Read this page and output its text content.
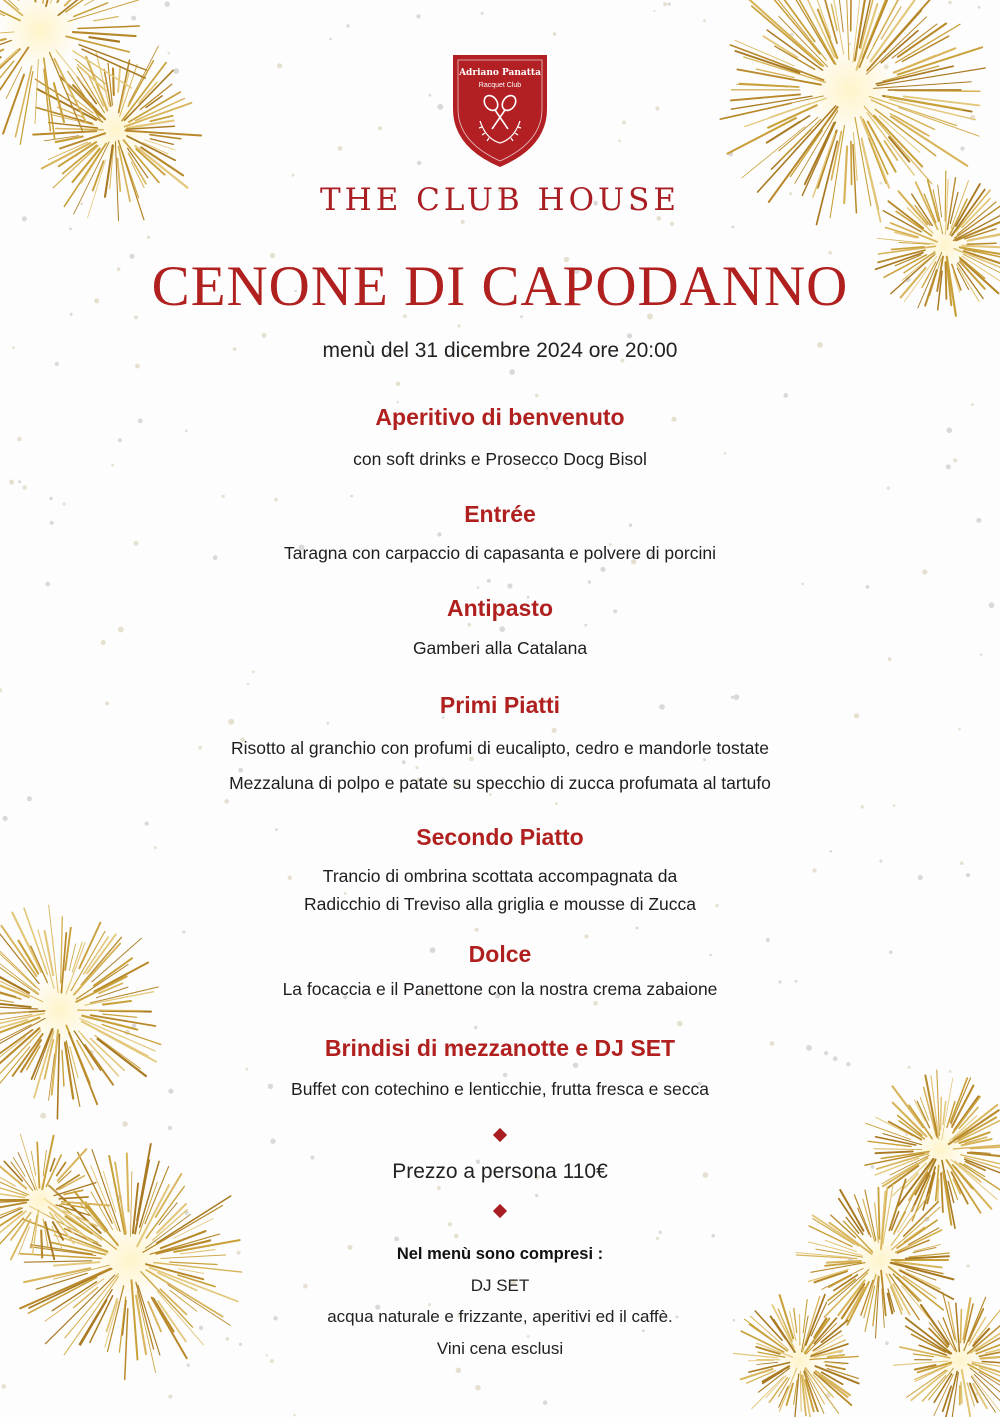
Adriano Panatta
Racquet Club
THE CLUB HOUSE
CENONE DI CAPODANNO
menù del 31 dicembre 2024 ore 20:00
Aperitivo di benvenuto
con soft drinks e Prosecco Docg Bisol
Entrée
Taragna con carpaccio di capasanta e polvere di porcini
Antipasto
Gamberi alla Catalana
Primi Piatti
Risotto al granchio con profumi di eucalipto, cedro e mandorle tostate
Mezzaluna di polpo e patate su specchio di zucca profumata al tartufo
Secondo Piatto
Trancio di ombrina scottata accompagnata da
Radicchio di Treviso alla griglia e mousse di Zucca
Dolce
La focaccia e il Panettone con la nostra crema zabaione
Brindisi di mezzanotte e DJ SET
Buffet con cotechino e lenticchie, frutta fresca e secca
Prezzo a persona 110€
Nel menù sono compresi :
DJ SET
acqua naturale e frizzante, aperitivi ed il caffè.
Vini cena esclusi
